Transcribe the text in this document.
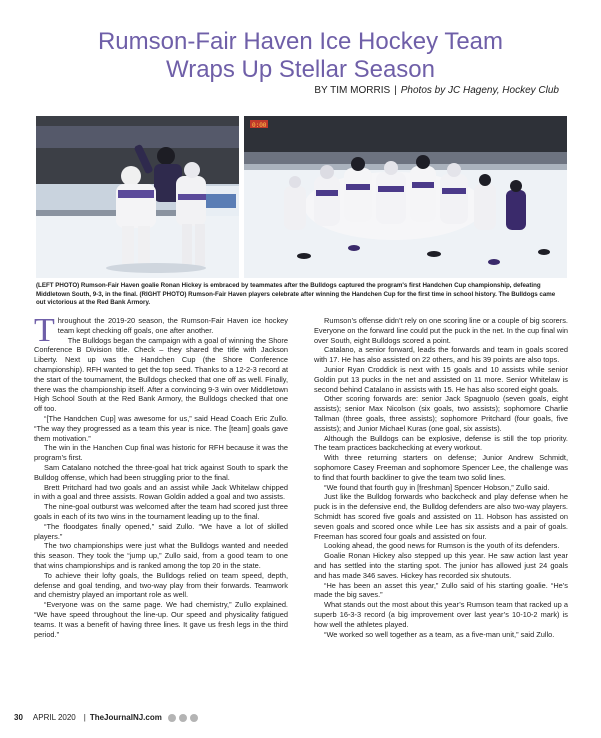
Rumson-Fair Haven Ice Hockey Team
Wraps Up Stellar Season
BY TIM MORRIS | Photos by JC Hageny, Hockey Club
0:00
(LEFT PHOTO) Rumson-Fair Haven goalie Ronan Hickey is embraced by teammates after the Bulldogs captured the program's first Handchen Cup championship, defeating Middletown South, 9-3, in the final. (RIGHT PHOTO) Rumson-Fair Haven players celebrate after winning the Handchen Cup for the first time in school history. The Bulldogs came out victorious at the Red Bank Armory.

Throughout the 2019-20 season, the Rumson-Fair Haven ice hockey team kept checking off goals, one after another.

The Bulldogs began the campaign with a goal of winning the Shore Conference B Division title. Check – they shared the title with Jackson Liberty. Next up was the Handchen Cup (the Shore Conference championship). RFH wanted to get the top seed. Thanks to a 12-2-3 record at the start of the tournament, the Bulldogs checked that one off as well. Finally, there was the championship itself. After a convincing 9-3 win over Middletown High School South at the Red Bank Armory, the Bulldogs checked that one off too.

“[The Handchen Cup] was awesome for us,” said Head Coach Eric Zullo. “The way they progressed as a team this year is nice. The [team] goals gave them motivation.”

The win in the Hanchen Cup final was historic for RFH because it was the program’s first.

Sam Catalano notched the three-goal hat trick against South to spark the Bulldog offense, which had been struggling prior to the final.

Brett Pritchard had two goals and an assist while Jack Whitelaw chipped in with a goal and three assists. Rowan Goldin added a goal and two assists.

The nine-goal outburst was welcomed after the team had scored just three goals in each of its two wins in the tournament leading up to the final.

“The floodgates finally opened,” said Zullo. “We have a lot of skilled players.”

The two championships were just what the Bulldogs wanted and needed this season. They took the “jump up,” Zullo said, from a good team to one that wins championships and is ranked among the top 20 in the state.

To achieve their lofty goals, the Bulldogs relied on team speed, depth, defense and goal tending, and two-way play from their forwards. Teamwork and chemistry played an important role as well.

“Everyone was on the same page. We had chemistry,” Zullo explained. “We have speed throughout the line-up. Our speed and physicality fatigued teams. It was a benefit of having three lines. It gave us fresh legs in the third period.”

Rumson’s offense didn’t rely on one scoring line or a couple of big scorers. Everyone on the forward line could put the puck in the net. In the cup final win over South, eight Bulldogs scored a point.

Catalano, a senior forward, leads the forwards and team in goals scored with 17. He has also assisted on 22 others, and his 39 points are also tops.

Junior Ryan Croddick is next with 15 goals and 10 assists while senior Goldin put 13 pucks in the net and assisted on 11 more. Senior Whitelaw is second behind Catalano in assists with 15. He has also scored eight goals.

Other scoring forwards are: senior Jack Spagnuolo (seven goals, eight assists); senior Max Nicolson (six goals, two assists); sophomore Charlie Tallman (three goals, three assists); sophomore Pritchard (four goals, five assists); and Junior Michael Kuras (one goal, six assists).

Although the Bulldogs can be explosive, defense is still the top priority. The team practices backchecking at every workout.

With three returning starters on defense; Junior Andrew Schmidt, sophomore Casey Freeman and sophomore Spencer Lee, the challenge was to find that fourth backliner to give the team two solid lines.

“We found that fourth guy in [freshman] Spencer Hobson,” Zullo said.

Just like the Bulldog forwards who backcheck and play defense when he puck is in the defensive end, the Bulldog defenders are also two-way players. Schmidt has scored five goals and assisted on 11. Hobson has assisted on seven goals and scored once while Lee has six assists and a pair of goals. Freeman has scored four goals and assisted on four.

Looking ahead, the good news for Rumson is the youth of its defenders.

Goalie Ronan Hickey also stepped up this year. He saw action last year and has settled into the starting spot. The junior has allowed just 24 goals and has made 346 saves. Hickey has recorded six shutouts.

“He has been an asset this year,” Zullo said of his starting goalie. “He’s made the big saves.”

What stands out the most about this year’s Rumson team that racked up a superb 16-3-3 record (a big improvement over last year’s 10-10-2 mark) is how well the athletes played.

“We worked so well together as a team, as a five-man unit,” said Zullo.

30 APRIL 2020 | TheJournalNJ.com
